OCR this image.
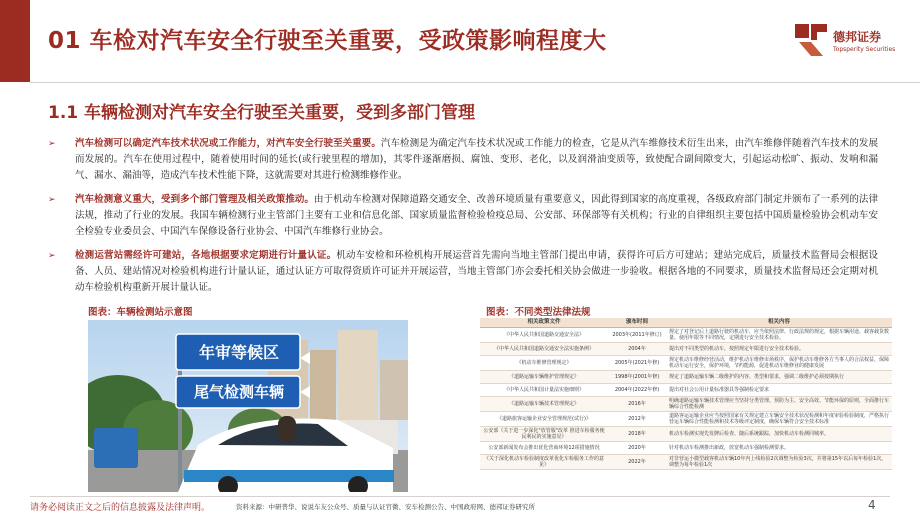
01 车检对汽车安全行驶至关重要，受政策影响程度大	德邦证券
Topsperity Securities
1.1 车辆检测对汽车安全行驶至关重要，受到多部门管理
➢ 汽车检测可以确定汽车技术状况或工作能力，对汽车安全行驶至关重要。汽车检测是为确定汽车技术状况或工作能力的检查，它是从汽车维修技术衍生出来，由汽车维修伴随着汽车技术的发展而发展的。汽车在使用过程中，随着使用时间的延长(或行驶里程的增加)，其零件逐渐磨损、腐蚀、变形、老化，以及润滑油变质等，致使配合副间隙变大，引起运动松旷、振动、发响和漏气、漏水、漏油等，造成汽车技术性能下降，这就需要对其进行检测维修作业。
➢ 汽车检测意义重大，受到多个部门管理及相关政策推动。由于机动车检测对保障道路交通安全、改善环境质量有重要意义，因此得到国家的高度重视，各级政府部门制定并颁布了一系列的法律法规，推动了行业的发展。我国车辆检测行业主管部门主要有工业和信息化部、国家质量监督检验检疫总局、公安部、环保部等有关机构；行业的自律组织主要包括中国质量检验协会机动车安全检验专业委员会、中国汽车保修设备行业协会、中国汽车维修行业协会。
➢ 检测运营站需经许可建站，各地根据要求定期进行计量认证。机动车安检和环检机构开展运营首先需向当地主管部门提出申请，获得许可后方可建站；建站完成后，质量技术监督局会根据设备、人员、建站情况对检验机构进行计量认证，通过认证方可取得资质许可证并开展运营，当地主管部门亦会委托相关协会做进一步验收。根据各地的不同要求，质量技术监督局还会定期对机动车检验机构重新开展计量认证。
图表：车辆检测站示意图
年审等候区
尾气检测车辆
图表：不同类型法律法规
相关政策文件	颁布时间	相关内容
《中华人民共和国道路交通安全法》	2003年(2011年修订)	规定了对登记后上道路行驶的机动车，应当依照法律、行政法规的规定，根据车辆用途、载客载货数量、使用年限等不同情况，定期进行安全技术检验。
《中华人民共和国道路交通安全法实施条例》	2004年	提出对不同类型的机动车，按照规定年限进行安全技术检验。
《机动车维修管理规定》	2005年(2021年修)	规定机动车维修经营活动，维护机动车维修市场秩序，保护机动车维修各方当事人的合法权益，保障机动车运行安全，保护环境，节约能源，促进机动车维修业的健康发展
《道路运输车辆维护管理规定》	1998年(2001年修)	规定了道路运输车辆二级维护的内容、类型和要求，强调二级维护必须按期执行
《中华人民共和国计量法实施细则》	2004年(2022年修)	提出对社会公用计量标准器具等强制检定要求
《道路运输车辆技术管理规定》	2016年	明确道路运输车辆技术管理应当坚持分类管理、预防为主、安全高效、节能环保的原则，全面推行车辆综合性能检测
《道路旅客运输企业安全管理规范(试行)》	2012年	道路客运运输企业应当按照国家有关规定建立车辆安全技术状况检测和年度审验检验制度，严格执行营运车辆综合性能检测和技术等级评定制度，确保车辆符合安全技术标准
公安部《关于进一步深化"放管服"改革 推进车检服务便民利民的实施意见》	2018年	机动车检测实现先发牌后检查、随后系统跟踪，加快机动车检测同城率。
公安部新闻发布会推出优化营商环境12项措施情况	2020年	针对机动车检测推出新政，放宽机动车强制检测要求。
《关于深化机动车检验制度改革优化车检服务工作的意见》	2022年	对非营运小微型载客机动车辆10年内上线检验2次调整为检验3次，并将第15年以后每年检验1次，调整为每年检验1次
请务必阅读正文之后的信息披露及法律声明。	资料来源：中研普华、说说车友公众号、质量与认证官微、安车检测公告、中国政府网、德邦证券研究所	4
